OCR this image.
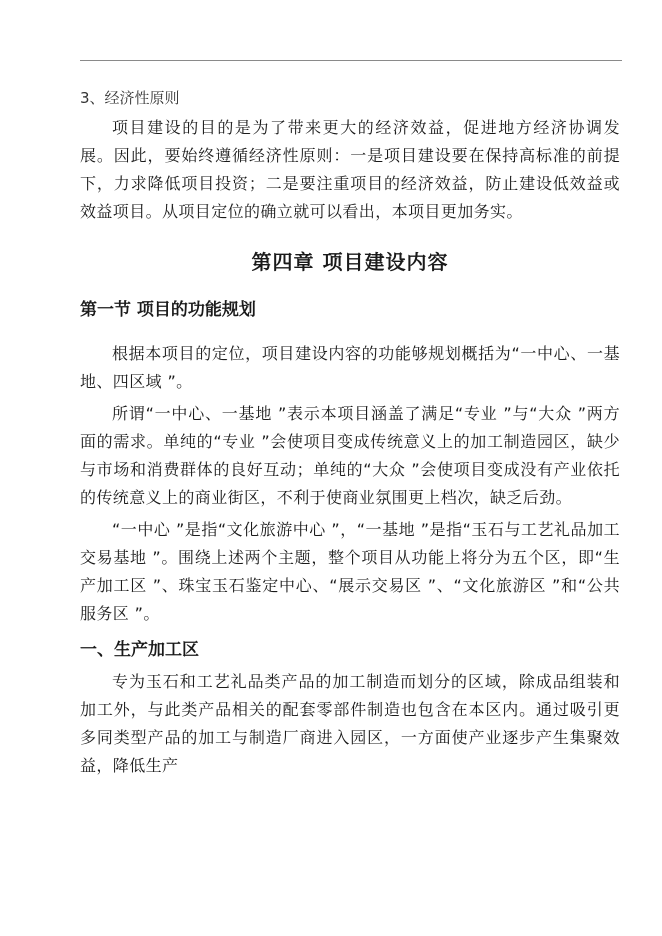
3、经济性原则

项目建设的目的是为了带来更大的经济效益，促进地方经济协调发展。因此，要始终遵循经济性原则：一是项目建设要在保持高标准的前提下，力求降低项目投资；二是要注重项目的经济效益，防止建设低效益或效益项目。从项目定位的确立就可以看出，本项目更加务实。

第四章 项目建设内容
第一节 项目的功能规划

根据本项目的定位，项目建设内容的功能够规划概括为“一中心、一基地、四区域 ”。

所谓“一中心、一基地 ”表示本项目涵盖了满足“专业 ”与“大众 ”两方面的需求。单纯的“专业 ”会使项目变成传统意义上的加工制造园区，缺少与市场和消费群体的良好互动；单纯的“大众 ”会使项目变成没有产业依托的传统意义上的商业街区，不利于使商业氛围更上档次，缺乏后劲。

“一中心 ”是指“文化旅游中心 ”，“一基地 ”是指“玉石与工艺礼品加工交易基地 ”。围绕上述两个主题，整个项目从功能上将分为五个区，即“生产加工区 ”、珠宝玉石鉴定中心、“展示交易区 ”、“文化旅游区 ”和“公共服务区 ”。

一、生产加工区

专为玉石和工艺礼品类产品的加工制造而划分的区域，除成品组装和加工外，与此类产品相关的配套零部件制造也包含在本区内。通过吸引更多同类型产品的加工与制造厂商进入园区，一方面使产业逐步产生集聚效益，降低生产
